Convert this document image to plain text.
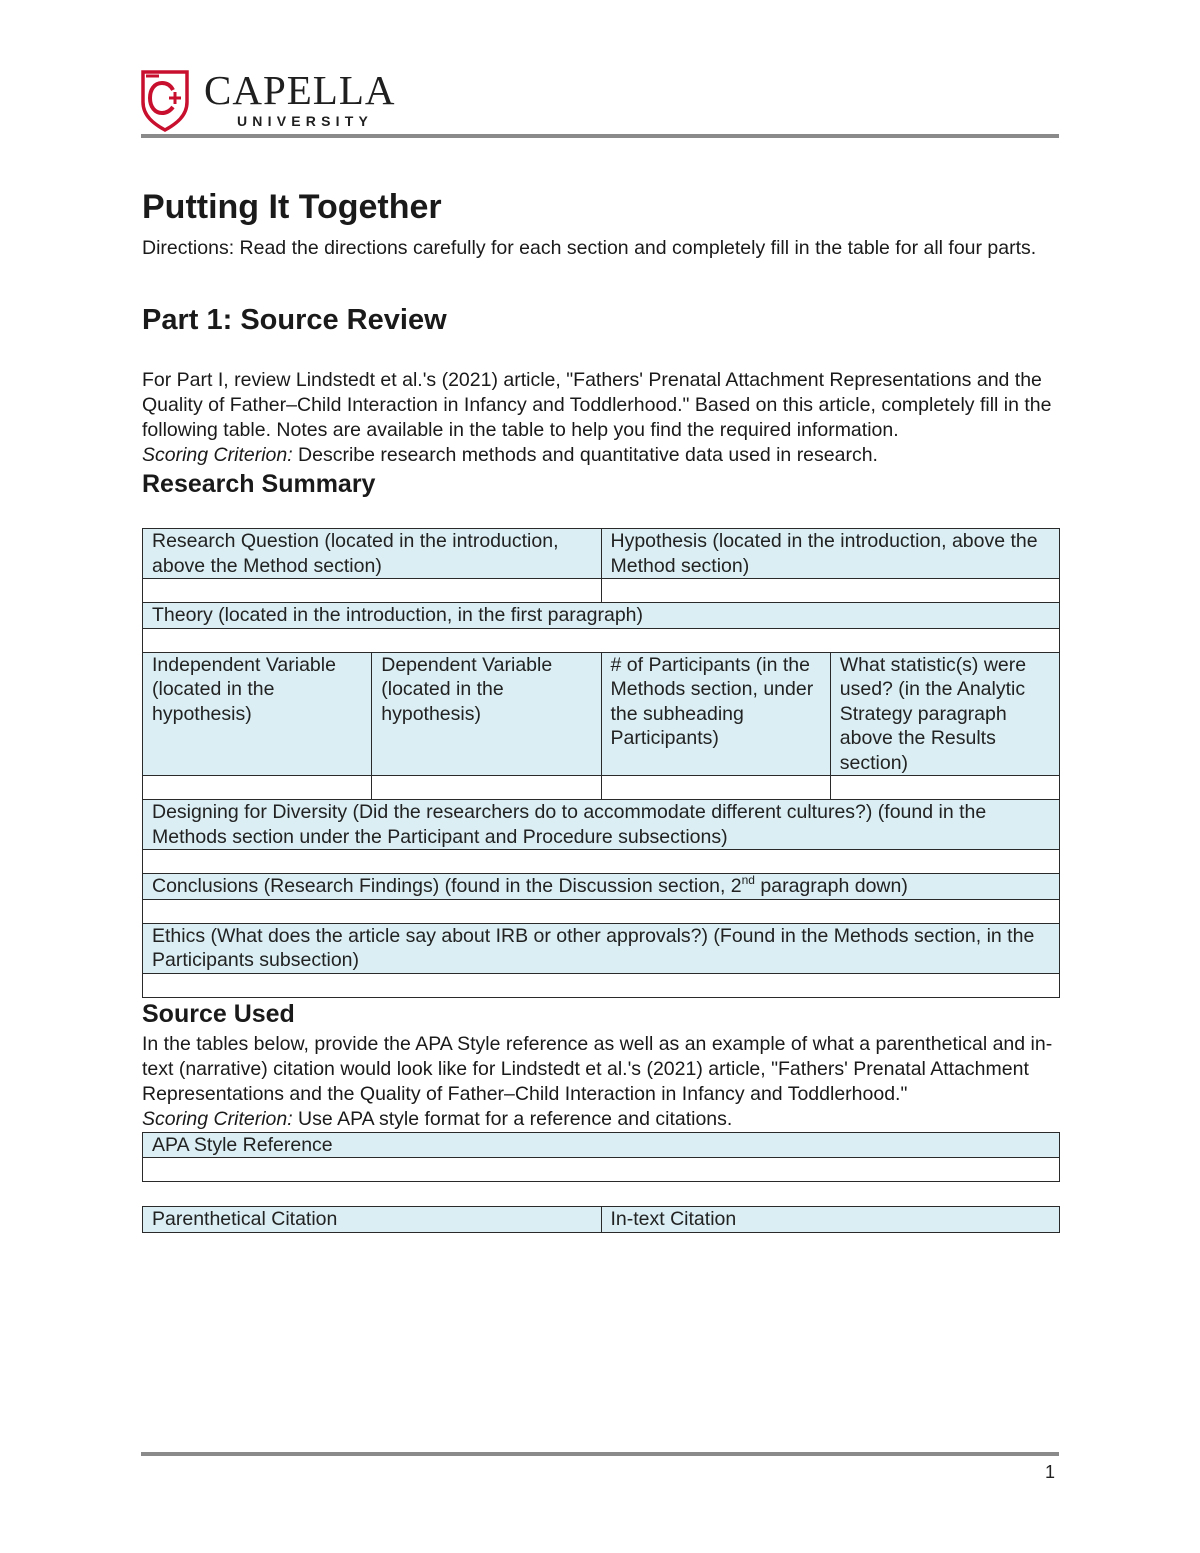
CAPELLA
UNIVERSITY
Putting It Together

Directions: Read the directions carefully for each section and completely fill in the table for all four parts.

Part 1: Source Review

For Part I, review Lindstedt et al.'s (2021) article, "Fathers' Prenatal Attachment Representations and the Quality of Father–Child Interaction in Infancy and Toddlerhood." Based on this article, completely fill in the following table. Notes are available in the table to help you find the required information.
Scoring Criterion: Describe research methods and quantitative data used in research.

Research Summary
Research Question (located in the introduction, above the Method section)		Hypothesis (located in the introduction, above the Method section)	

Theory (located in the introduction, in the first paragraph)			

Independent Variable (located in the hypothesis)	Dependent Variable (located in the hypothesis)	# of Participants (in the Methods section, under the subheading Participants)	What statistic(s) were used? (in the Analytic Strategy paragraph above the Results section)

Designing for Diversity (Did the researchers do to accommodate different cultures?) (found in the Methods section under the Participant and Procedure subsections)			

Conclusions (Research Findings) (found in the Discussion section, 2nd paragraph down)			

Ethics (What does the article say about IRB or other approvals?) (Found in the Methods section, in the Participants subsection)			

Source Used

In the tables below, provide the APA Style reference as well as an example of what a parenthetical and in-text (narrative) citation would look like for Lindstedt et al.'s (2021) article, "Fathers' Prenatal Attachment Representations and the Quality of Father–Child Interaction in Infancy and Toddlerhood."
Scoring Criterion: Use APA style format for a reference and citations.

APA Style Reference

Parenthetical Citation	In-text Citation
1
